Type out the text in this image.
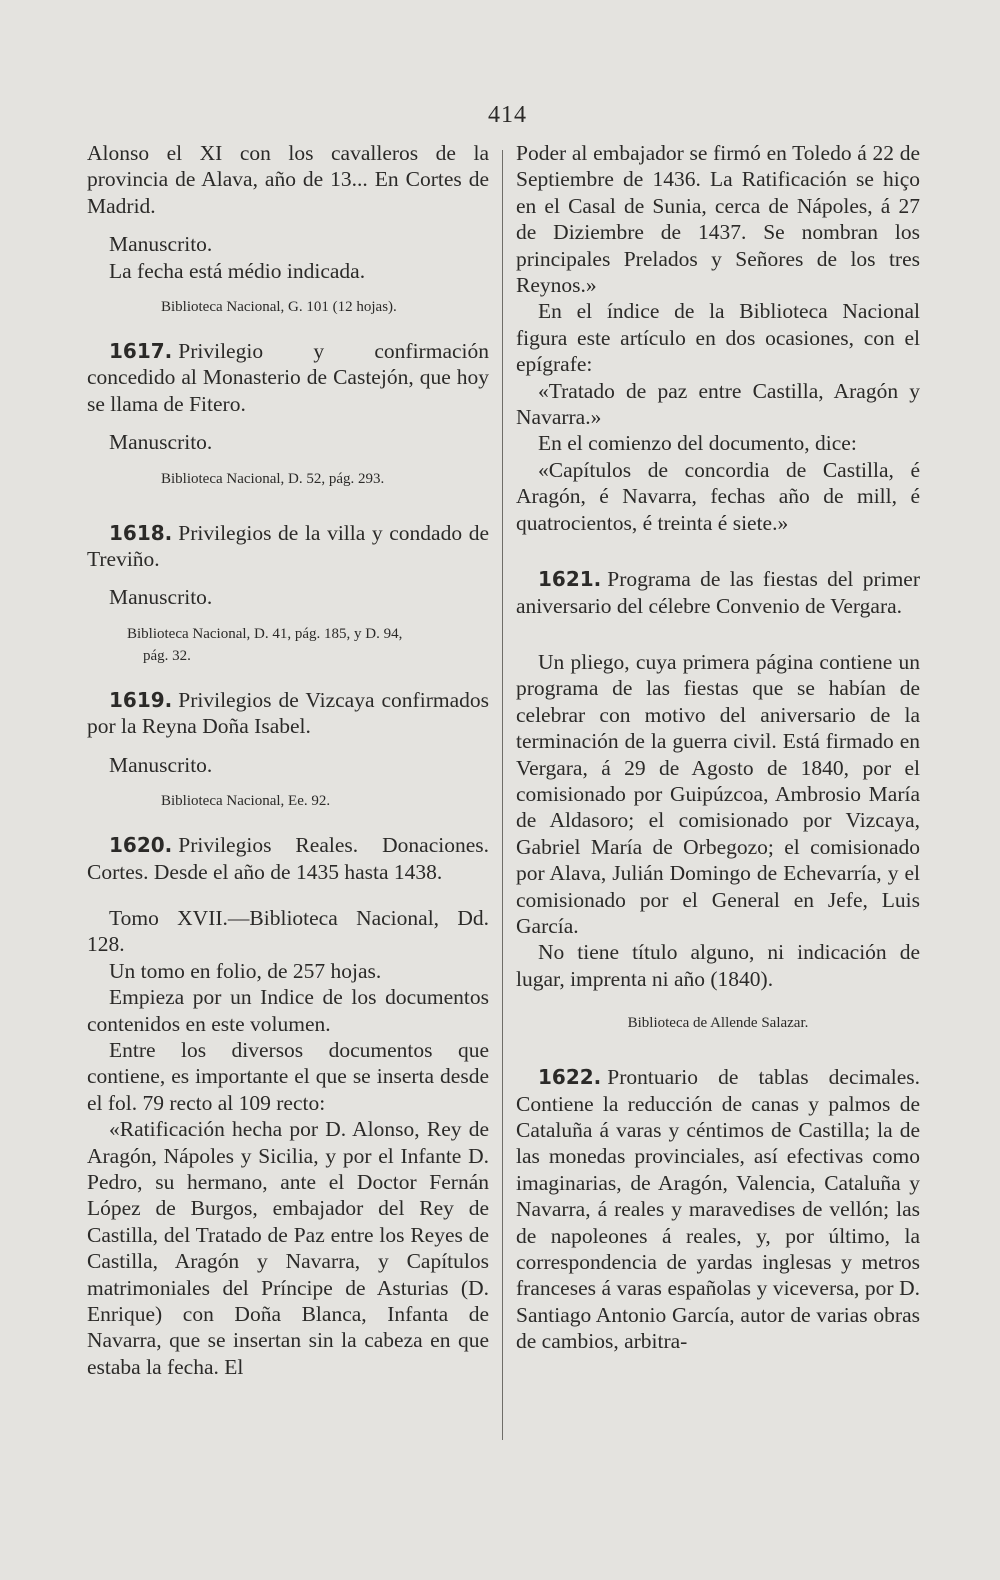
414

Alonso el XI con los cavalleros de la provincia de Alava, año de 13... En Cortes de Madrid.

Manuscrito.

La fecha está médio indicada.

Biblioteca Nacional, G. 101 (12 hojas).

1617. Privilegio y confirmación concedido al Monasterio de Castejón, que hoy se llama de Fitero.

Manuscrito.

Biblioteca Nacional, D. 52, pág. 293.

1618. Privilegios de la villa y condado de Treviño.

Manuscrito.

Biblioteca Nacional, D. 41, pág. 185, y D. 94,
pág. 32.

1619. Privilegios de Vizcaya confirmados por la Reyna Doña Isabel.

Manuscrito.

Biblioteca Nacional, Ee. 92.

1620. Privilegios Reales. Donaciones. Cortes. Desde el año de 1435 hasta 1438.

Tomo XVII.—Biblioteca Nacional, Dd. 128.

Un tomo en folio, de 257 hojas.

Empieza por un Indice de los documentos contenidos en este volumen.

Entre los diversos documentos que contiene, es importante el que se inserta desde el fol. 79 recto al 109 recto:

«Ratificación hecha por D. Alonso, Rey de Aragón, Nápoles y Sicilia, y por el Infante D. Pedro, su hermano, ante el Doctor Fernán López de Burgos, embajador del Rey de Castilla, del Tratado de Paz entre los Reyes de Castilla, Aragón y Navarra, y Capítulos matrimoniales del Príncipe de Asturias (D. Enrique) con Doña Blanca, Infanta de Navarra, que se insertan sin la cabeza en que estaba la fecha. El

Poder al embajador se firmó en Toledo á 22 de Septiembre de 1436. La Ratificación se hiço en el Casal de Sunia, cerca de Nápoles, á 27 de Diziembre de 1437. Se nombran los principales Prelados y Señores de los tres Reynos.»

En el índice de la Biblioteca Nacional figura este artículo en dos ocasiones, con el epígrafe:

«Tratado de paz entre Castilla, Aragón y Navarra.»

En el comienzo del documento, dice:

«Capítulos de concordia de Castilla, é Aragón, é Navarra, fechas año de mill, é quatrocientos, é treinta é siete.»

1621. Programa de las fiestas del primer aniversario del célebre Convenio de Vergara.

Un pliego, cuya primera página contiene un programa de las fiestas que se habían de celebrar con motivo del aniversario de la terminación de la guerra civil. Está firmado en Vergara, á 29 de Agosto de 1840, por el comisionado por Guipúzcoa, Ambrosio María de Aldasoro; el comisionado por Vizcaya, Gabriel María de Orbegozo; el comisionado por Alava, Julián Domingo de Echevarría, y el comisionado por el General en Jefe, Luis García.

No tiene título alguno, ni indicación de lugar, imprenta ni año (1840).

Biblioteca de Allende Salazar.

1622. Prontuario de tablas decimales. Contiene la reducción de canas y palmos de Cataluña á varas y céntimos de Castilla; la de las monedas provinciales, así efectivas como imaginarias, de Aragón, Valencia, Cataluña y Navarra, á reales y maravedises de vellón; las de napoleones á reales, y, por último, la correspondencia de yardas inglesas y metros franceses á varas españolas y viceversa, por D. Santiago Antonio García, autor de varias obras de cambios, arbitra-
